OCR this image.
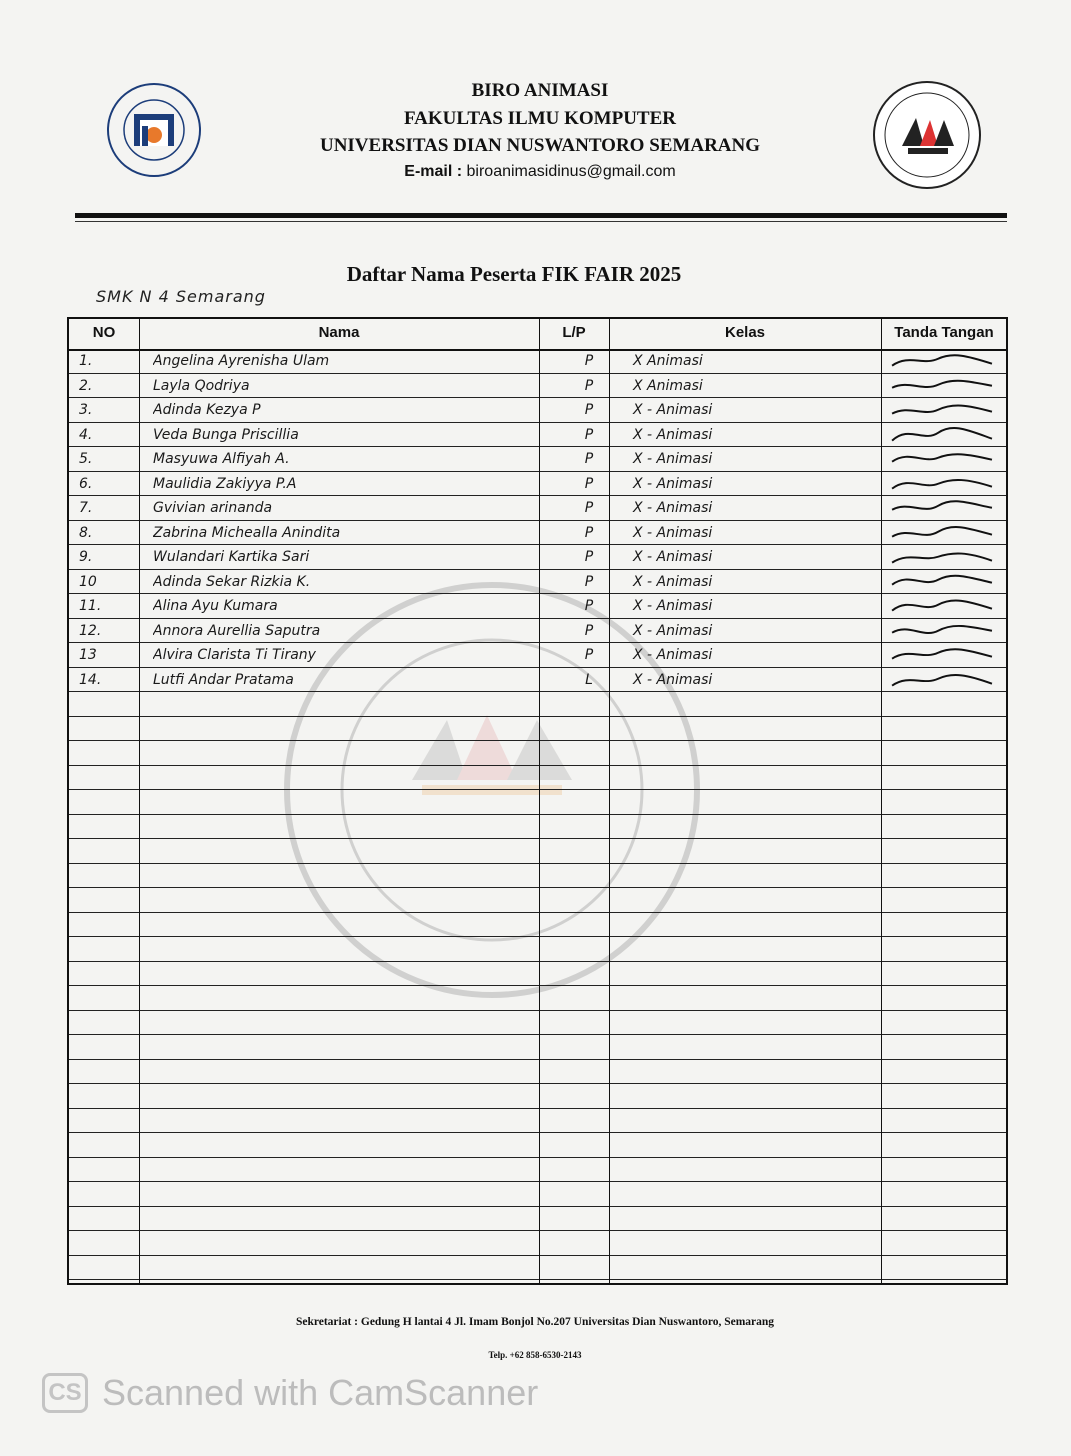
BIRO ANIMASI
FAKULTAS ILMU KOMPUTER
UNIVERSITAS DIAN NUSWANTORO SEMARANG
E-mail : biroanimasidinus@gmail.com
Daftar Nama Peserta FIK FAIR 2025
SMK N 4 Semarang
NO	Nama	L/P	Kelas	Tanda Tangan
1.	Angelina Ayrenisha Ulam	P	X Animasi
2.	Layla Qodriya	P	X Animasi
3.	Adinda Kezya P	P	X - Animasi
4.	Veda Bunga Priscillia	P	X - Animasi
5.	Masyuwa Alfiyah A.	P	X - Animasi
6.	Maulidia Zakiyya P.A	P	X - Animasi
7.	Gvivian arinanda	P	X - Animasi
8.	Zabrina Michealla Anindita	P	X - Animasi
9.	Wulandari Kartika Sari	P	X - Animasi
10	Adinda Sekar Rizkia K.	P	X - Animasi
11.	Alina Ayu Kumara	P	X - Animasi
12.	Annora Aurellia Saputra	P	X - Animasi
13	Alvira Clarista Ti Tirany	P	X - Animasi
14.	Lutfi Andar Pratama	L	X - Animasi
Sekretariat : Gedung H lantai 4 Jl. Imam Bonjol No.207 Universitas Dian Nuswantoro, Semarang
Telp. +62 858-6530-2143
CS Scanned with CamScanner
